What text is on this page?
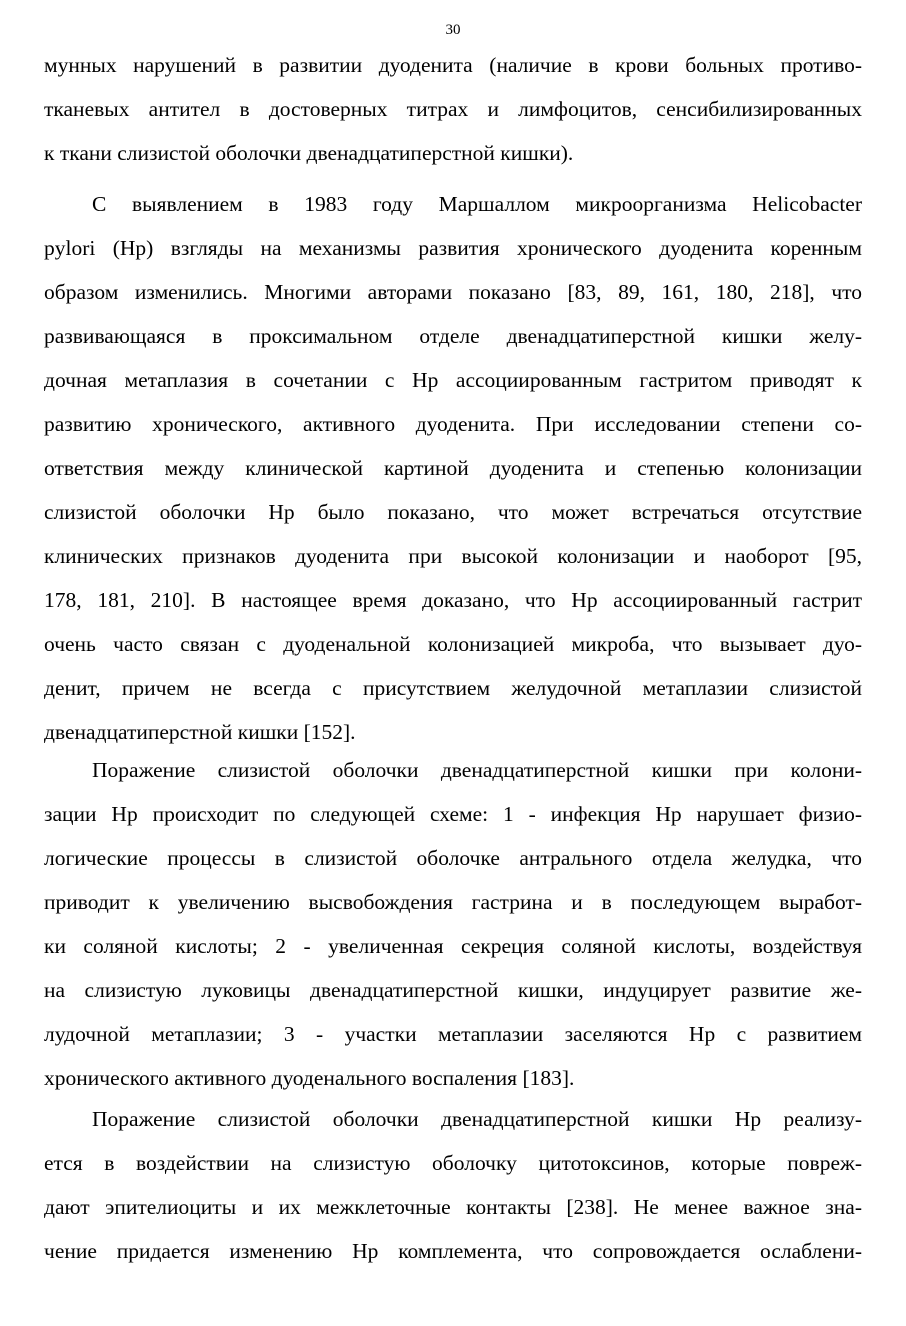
30
мунных нарушений в развитии дуоденита (наличие в крови больных противо-
тканевых антител в достоверных титрах и лимфоцитов, сенсибилизированных
к ткани слизистой оболочки двенадцатиперстной кишки).
С выявлением в 1983 году Маршаллом микроорганизма Helicobacter
pylori (Нр) взгляды на механизмы развития хронического дуоденита коренным
образом изменились. Многими авторами показано [83, 89, 161, 180, 218], что
развивающаяся в проксимальном отделе двенадцатиперстной кишки желу-
дочная метаплазия в сочетании с Нр ассоциированным гастритом приводят к
развитию хронического, активного дуоденита. При исследовании степени со-
ответствия между клинической картиной дуоденита и степенью колонизации
слизистой оболочки Нр было показано, что может встречаться отсутствие
клинических признаков дуоденита при высокой колонизации и наоборот [95,
178, 181, 210]. В настоящее время доказано, что Нр ассоциированный гастрит
очень часто связан с дуоденальной колонизацией микроба, что вызывает дуо-
денит, причем не всегда с присутствием желудочной метаплазии слизистой
двенадцатиперстной кишки [152].
Поражение слизистой оболочки двенадцатиперстной кишки при колони-
зации Нр происходит по следующей схеме: 1 - инфекция Нр нарушает физио-
логические процессы в слизистой оболочке антрального отдела желудка, что
приводит к увеличению высвобождения гастрина и в последующем выработ-
ки соляной кислоты; 2 - увеличенная секреция соляной кислоты, воздействуя
на слизистую луковицы двенадцатиперстной кишки, индуцирует развитие же-
лудочной метаплазии; 3 - участки метаплазии заселяются Нр с развитием
хронического активного дуоденального воспаления [183].
Поражение слизистой оболочки двенадцатиперстной кишки Нр реализу-
ется в воздействии на слизистую оболочку цитотоксинов, которые повреж-
дают эпителиоциты и их межклеточные контакты [238]. Не менее важное зна-
чение придается изменению Нр комплемента, что сопровождается ослаблени-
